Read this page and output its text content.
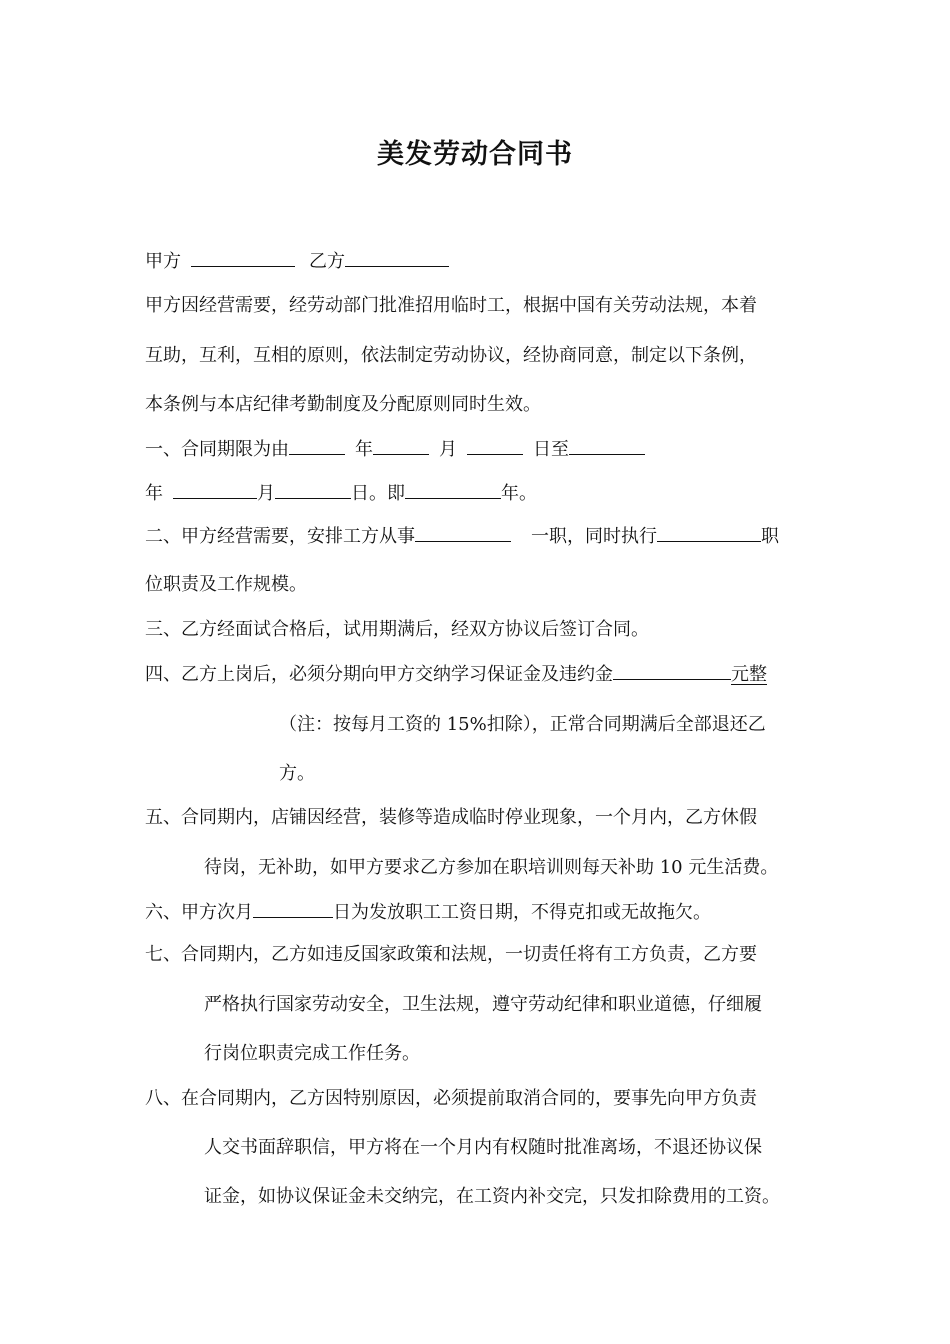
美发劳动合同书
甲方	乙方
甲方因经营需要，经劳动部门批准招用临时工，根据中国有关劳动法规，本着
互助，互利，互相的原则，依法制定劳动协议，经协商同意，制定以下条例，
本条例与本店纪律考勤制度及分配原则同时生效。
一、合同期限为由	年	月	日至
年	月	日。即	年。
二、甲方经营需要，安排工方从事	一职，同时执行	职
位职责及工作规模。
三、乙方经面试合格后，试用期满后，经双方协议后签订合同。
四、乙方上岗后，必须分期向甲方交纳学习保证金及违约金	元整
（注：按每月工资的 15%扣除），正常合同期满后全部退还乙
方。
五、合同期内，店铺因经营，装修等造成临时停业现象，一个月内，乙方休假
待岗，无补助，如甲方要求乙方参加在职培训则每天补助 10 元生活费。
六、甲方次月	日为发放职工工资日期，不得克扣或无故拖欠。
七、合同期内，乙方如违反国家政策和法规，一切责任将有工方负责，乙方要
严格执行国家劳动安全，卫生法规，遵守劳动纪律和职业道德，仔细履
行岗位职责完成工作任务。
八、在合同期内，乙方因特别原因，必须提前取消合同的，要事先向甲方负责
人交书面辞职信，甲方将在一个月内有权随时批准离场，不退还协议保
证金，如协议保证金未交纳完，在工资内补交完，只发扣除费用的工资。
